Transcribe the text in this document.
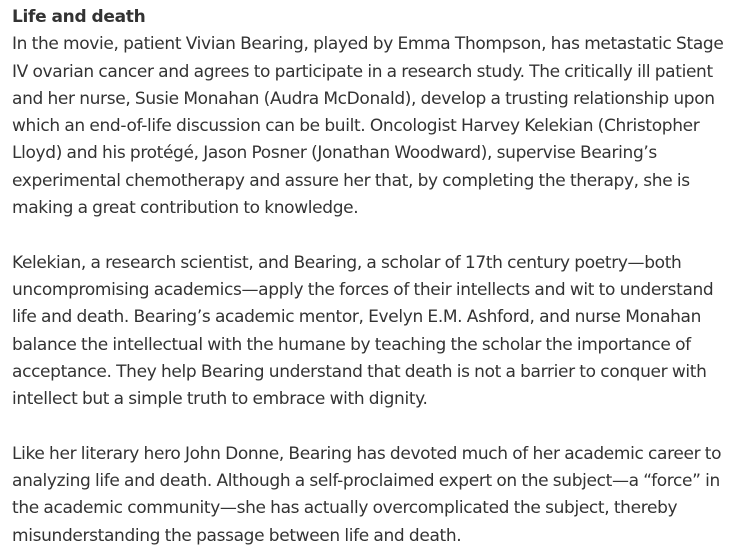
Life and death

In the movie, patient Vivian Bearing, played by Emma Thompson, has metastatic Stage IV ovarian cancer and agrees to participate in a research study. The critically ill patient and her nurse, Susie Monahan (Audra McDonald), develop a trusting relationship upon which an end-of-life discussion can be built. Oncologist Harvey Kelekian (Christopher Lloyd) and his protégé, Jason Posner (Jonathan Woodward), supervise Bearing’s experimental chemotherapy and assure her that, by completing the therapy, she is making a great contribution to knowledge.

Kelekian, a research scientist, and Bearing, a scholar of 17th century poetry—both uncompromising academics—apply the forces of their intellects and wit to understand life and death. Bearing’s academic mentor, Evelyn E.M. Ashford, and nurse Monahan balance the intellectual with the humane by teaching the scholar the importance of acceptance. They help Bearing understand that death is not a barrier to conquer with intellect but a simple truth to embrace with dignity.

Like her literary hero John Donne, Bearing has devoted much of her academic career to analyzing life and death. Although a self-proclaimed expert on the subject—a “force” in the academic community—she has actually overcomplicated the subject, thereby misunderstanding the passage between life and death.
